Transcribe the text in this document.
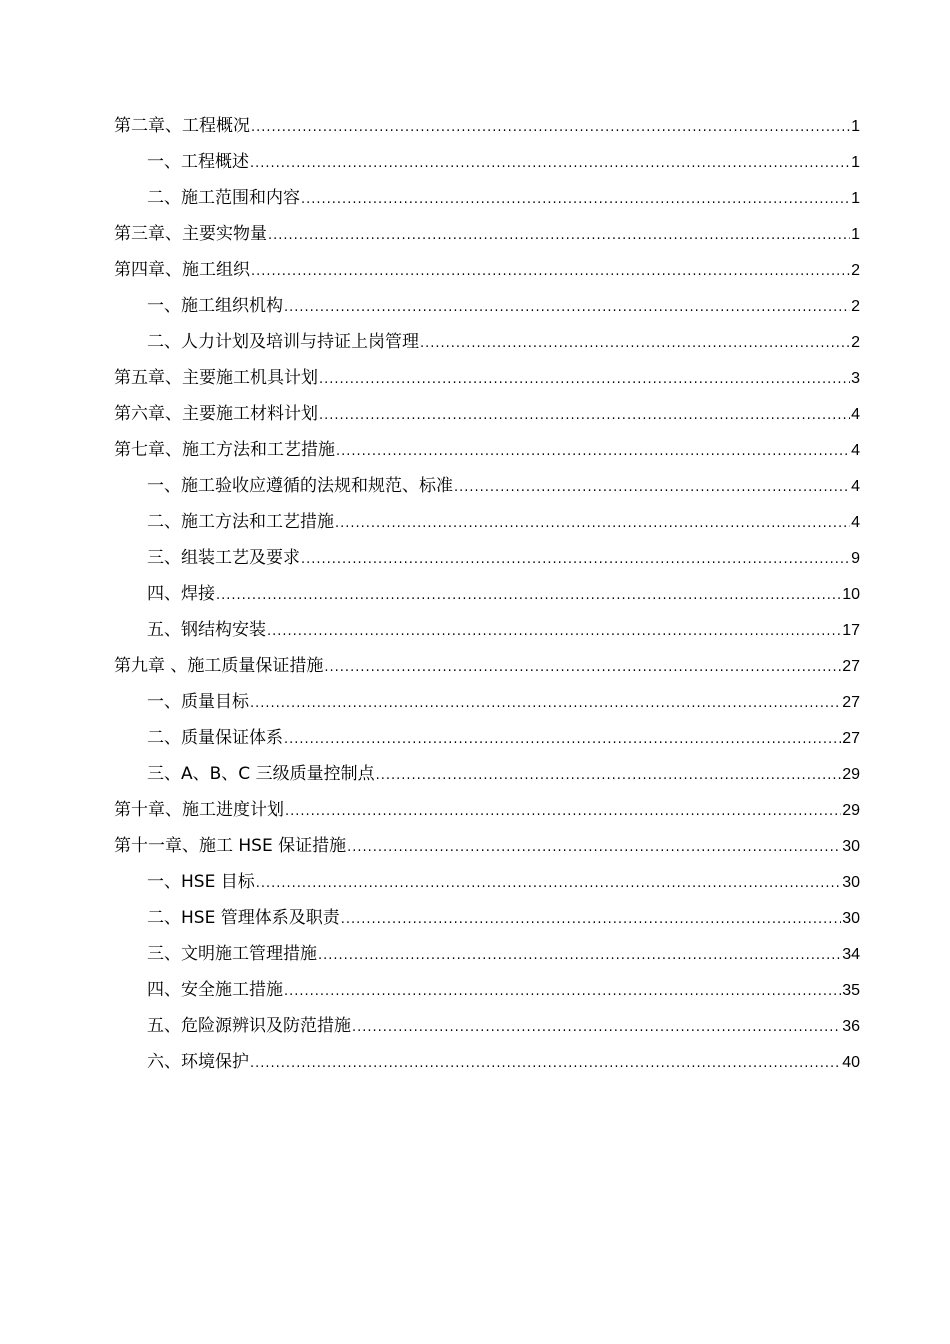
第二章、工程概况 .....	1
一、工程概述 .....	1
二、施工范围和内容 .....	1
第三章、主要实物量 .....	1
第四章、施工组织 .....	2
一、施工组织机构 .....	2
二、人力计划及培训与持证上岗管理 .....	2
第五章、主要施工机具计划 .....	3
第六章、主要施工材料计划 .....	4
第七章、施工方法和工艺措施 .....	4
一、施工验收应遵循的法规和规范、标准 .....	4
二、施工方法和工艺措施 .....	4
三、组装工艺及要求 .....	9
四、焊接 .....	10
五、钢结构安装 .....	17
第九章 、施工质量保证措施 .....	27
一、质量目标 .....	27
二、质量保证体系 .....	27
三、A、B、C 三级质量控制点 .....	29
第十章、施工进度计划 .....	29
第十一章、施工 HSE 保证措施 .....	30
一、HSE 目标 .....	30
二、HSE 管理体系及职责 .....	30
三、文明施工管理措施 .....	34
四、安全施工措施 .....	35
五、危险源辨识及防范措施 .....	36
六、环境保护 .....	40
